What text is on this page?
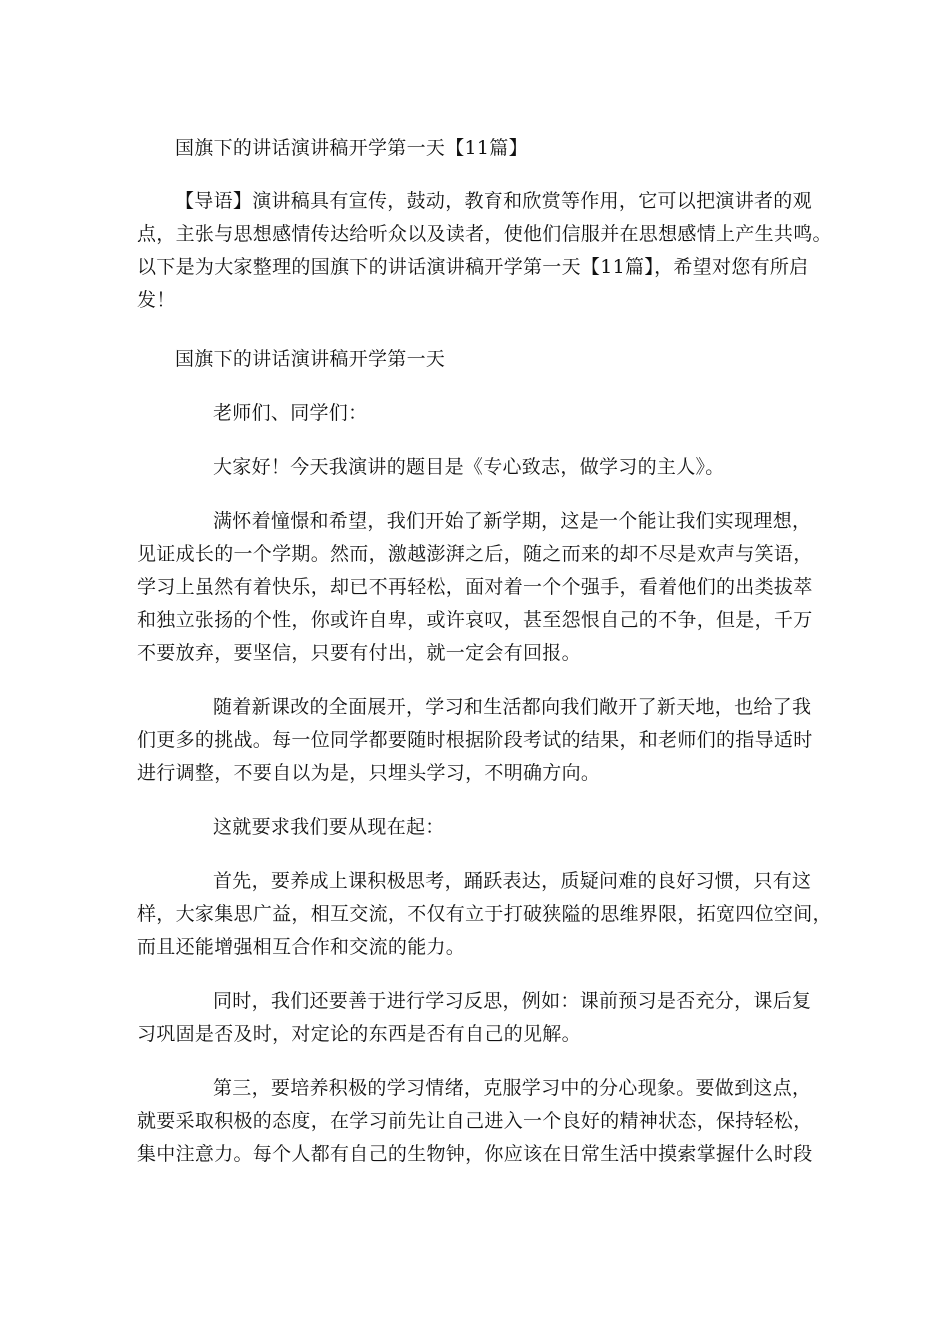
国旗下的讲话演讲稿开学第一天【11篇】
【导语】演讲稿具有宣传，鼓动，教育和欣赏等作用，它可以把演讲者的观
点，主张与思想感情传达给听众以及读者，使他们信服并在思想感情上产生共鸣。
以下是为大家整理的国旗下的讲话演讲稿开学第一天【11篇】，希望对您有所启
发！
国旗下的讲话演讲稿开学第一天
老师们、同学们：
大家好！今天我演讲的题目是《专心致志，做学习的主人》。
满怀着憧憬和希望，我们开始了新学期，这是一个能让我们实现理想，
见证成长的一个学期。然而，激越澎湃之后，随之而来的却不尽是欢声与笑语，
学习上虽然有着快乐，却已不再轻松，面对着一个个强手，看着他们的出类拔萃
和独立张扬的个性，你或许自卑，或许哀叹，甚至怨恨自己的不争，但是，千万
不要放弃，要坚信，只要有付出，就一定会有回报。
随着新课改的全面展开，学习和生活都向我们敞开了新天地，也给了我
们更多的挑战。每一位同学都要随时根据阶段考试的结果，和老师们的指导适时
进行调整，不要自以为是，只埋头学习，不明确方向。
这就要求我们要从现在起：
首先，要养成上课积极思考，踊跃表达，质疑问难的良好习惯，只有这
样，大家集思广益，相互交流，不仅有立于打破狭隘的思维界限，拓宽四位空间，
而且还能增强相互合作和交流的能力。
同时，我们还要善于进行学习反思，例如：课前预习是否充分，课后复
习巩固是否及时，对定论的东西是否有自己的见解。
第三，要培养积极的学习情绪，克服学习中的分心现象。要做到这点，
就要采取积极的态度，在学习前先让自己进入一个良好的精神状态，保持轻松，
集中注意力。每个人都有自己的生物钟，你应该在日常生活中摸索掌握什么时段
